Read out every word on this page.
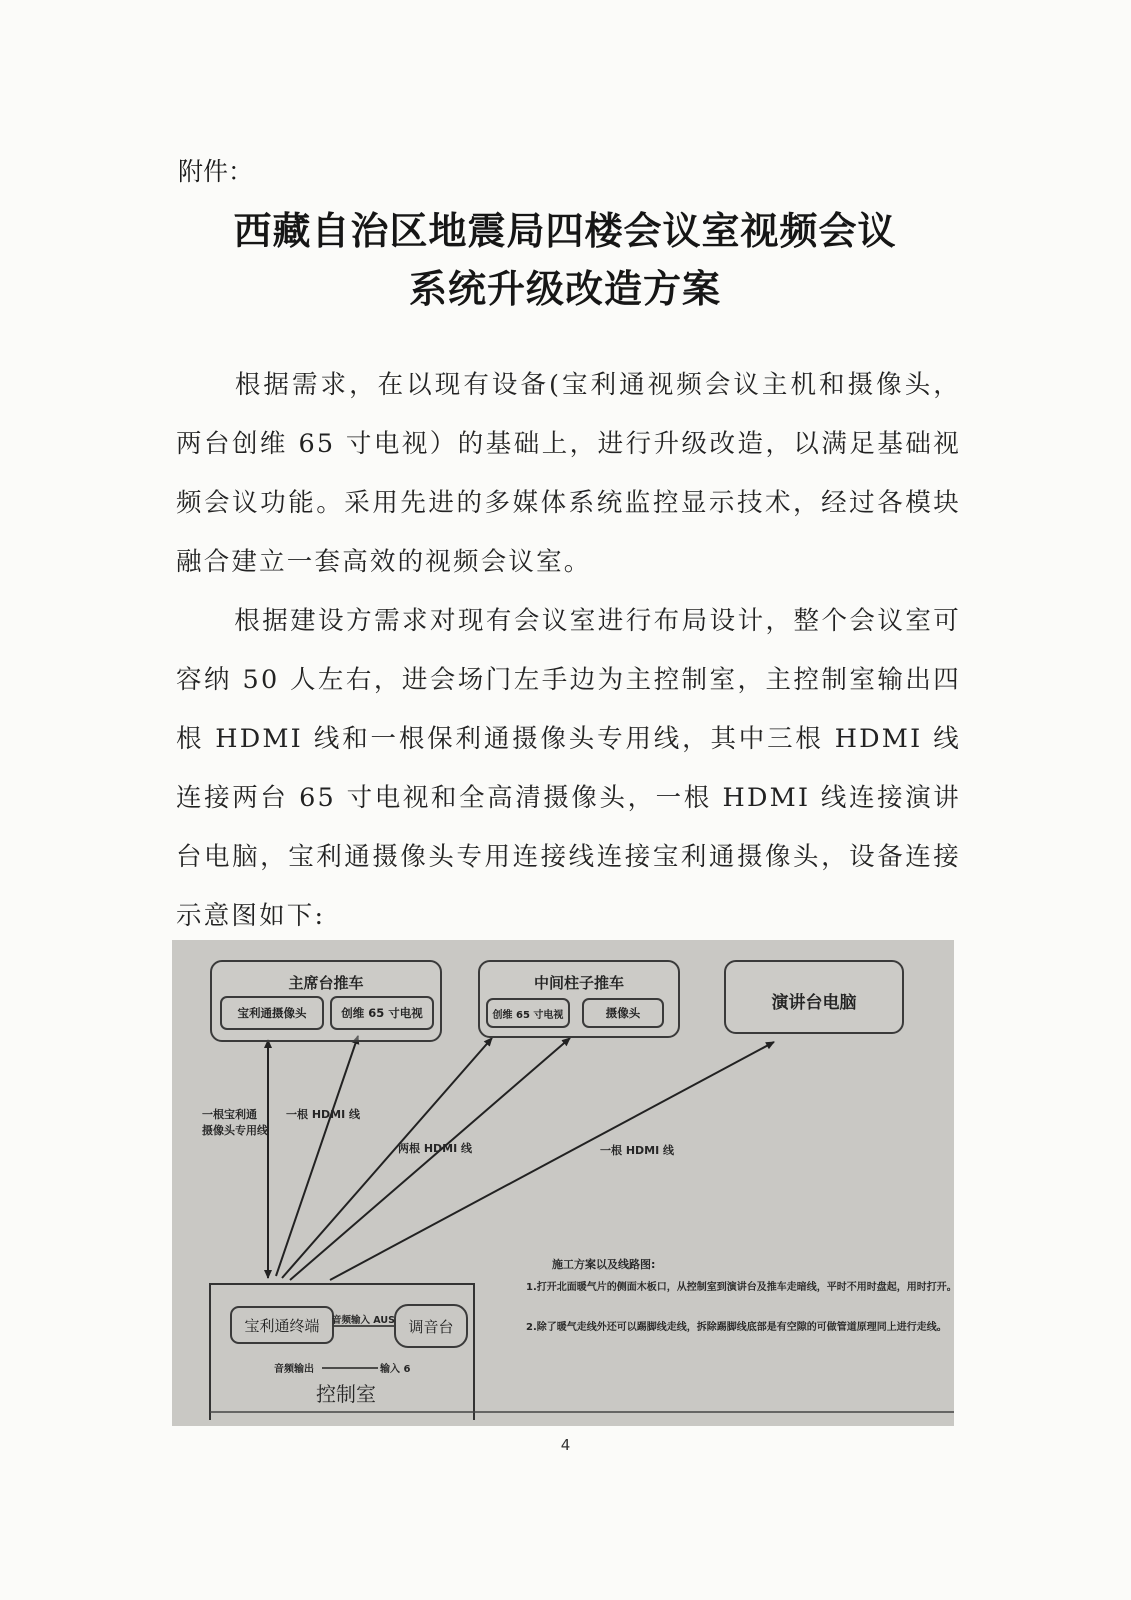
附件：
西藏自治区地震局四楼会议室视频会议
系统升级改造方案
根据需求，在以现有设备(宝利通视频会议主机和摄像头，两台创维 65 寸电视）的基础上，进行升级改造，以满足基础视频会议功能。采用先进的多媒体系统监控显示技术，经过各模块融合建立一套高效的视频会议室。
根据建设方需求对现有会议室进行布局设计，整个会议室可容纳 50 人左右，进会场门左手边为主控制室，主控制室输出四根 HDMI 线和一根保利通摄像头专用线，其中三根 HDMI 线连接两台 65 寸电视和全高清摄像头，一根 HDMI 线连接演讲台电脑，宝利通摄像头专用连接线连接宝利通摄像头，设备连接示意图如下:
主席台推车
宝利通摄像头	创维 65 寸电视
中间柱子推车
创维 65 寸电视	摄像头	演讲台电脑
一根宝利通
摄像头专用线
一根 HDMI 线
两根 HDMI 线	一根 HDMI 线
施工方案以及线路图:
1.打开北面暖气片的侧面木板口，从控制室到演讲台及推车走暗线，平时不用时盘起，用时打开。
2.除了暖气走线外还可以踢脚线走线，拆除踢脚线底部是有空隙的可做管道原理同上进行走线。
宝利通终端	调音台
音频输入 AUS
音频输出	输入 6
控制室
4
